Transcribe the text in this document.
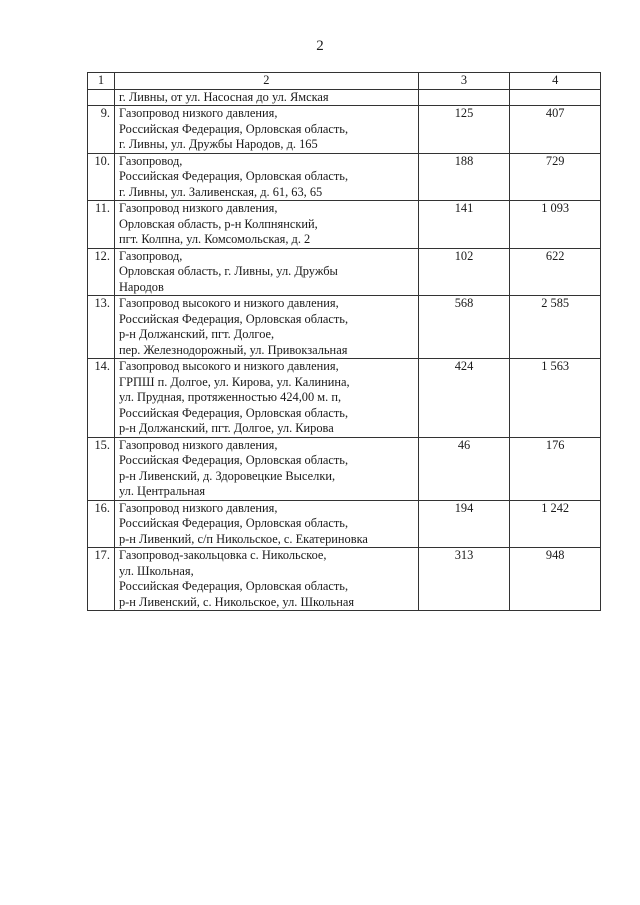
2
1	2	3	4

	г. Ливны, от ул. Насосная до ул. Ямская		

9.	Газопровод низкого давления,
Российская Федерация, Орловская область,
г. Ливны, ул. Дружбы Народов, д. 165	125	407
10.	Газопровод,
Российская Федерация, Орловская область,
г. Ливны, ул. Заливенская, д. 61, 63, 65	188	729
11.	Газопровод низкого давления,
Орловская область, р-н Колпнянский,
пгт. Колпна, ул. Комсомольская, д. 2	141	1 093
12.	Газопровод,
Орловская область, г. Ливны, ул. Дружбы
Народов	102	622
13.	Газопровод высокого и низкого давления,
Российская Федерация, Орловская область,
р-н Должанский, пгт. Долгое,
пер. Железнодорожный, ул. Привокзальная	568	2 585
14.	Газопровод высокого и низкого давления,
ГРПШ п. Долгое, ул. Кирова, ул. Калинина,
ул. Прудная, протяженностью 424,00 м. п,
Российская Федерация, Орловская область,
р-н Должанский, пгт. Долгое, ул. Кирова	424	1 563
15.	Газопровод низкого давления,
Российская Федерация, Орловская область,
р-н Ливенский, д. Здоровецкие Выселки,
ул. Центральная	46	176
16.	Газопровод низкого давления,
Российская Федерация, Орловская область,
р-н Ливенкий, с/п Никольское, с. Екатериновка	194	1 242
17.	Газопровод-закольцовка с. Никольское,
ул. Школьная,
Российская Федерация, Орловская область,
р-н Ливенский, с. Никольское, ул. Школьная	313	948
